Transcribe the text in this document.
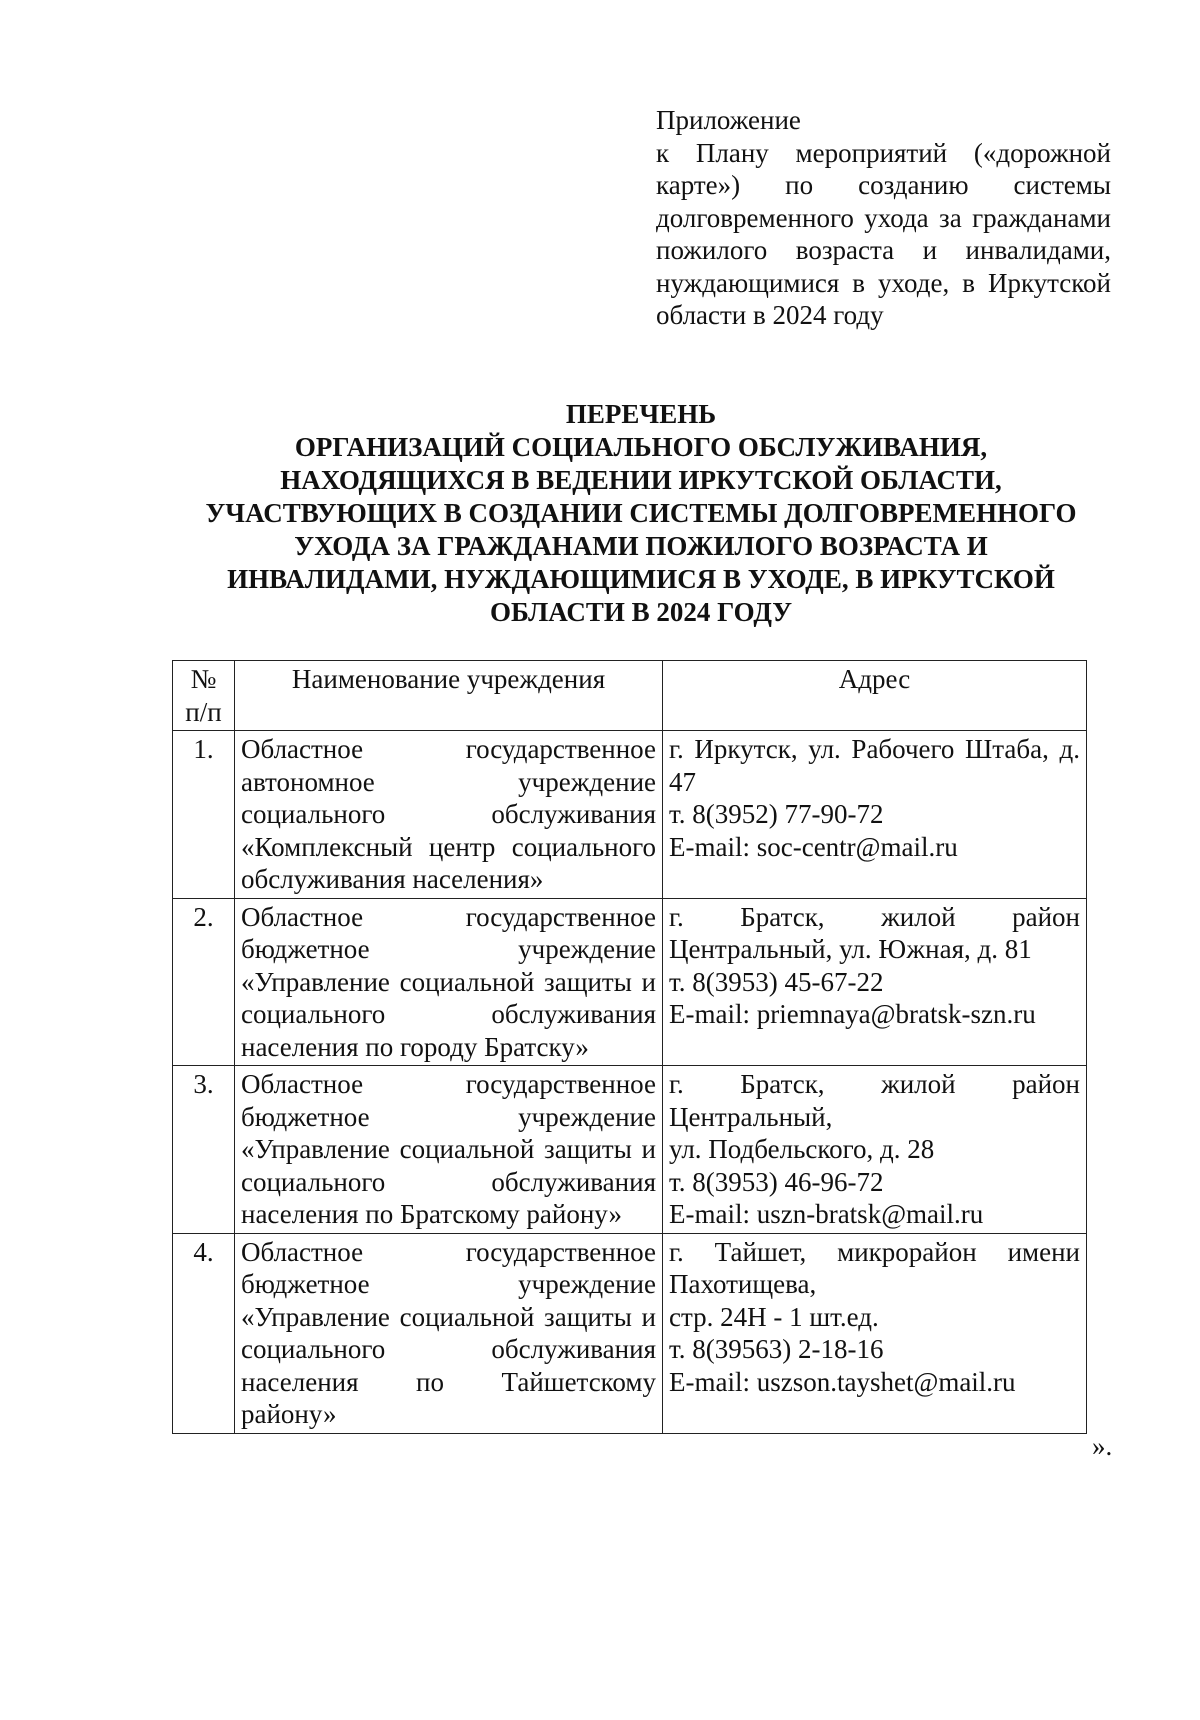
Приложение
к Плану мероприятий («дорожной карте») по созданию системы долговременного ухода за гражданами пожилого возраста и инвалидами, нуждающимися в уходе, в Иркутской области в 2024 году
ПЕРЕЧЕНЬ
ОРГАНИЗАЦИЙ СОЦИАЛЬНОГО ОБСЛУЖИВАНИЯ,
НАХОДЯЩИХСЯ В ВЕДЕНИИ ИРКУТСКОЙ ОБЛАСТИ,
УЧАСТВУЮЩИХ В СОЗДАНИИ СИСТЕМЫ ДОЛГОВРЕМЕННОГО
УХОДА ЗА ГРАЖДАНАМИ ПОЖИЛОГО ВОЗРАСТА И
ИНВАЛИДАМИ, НУЖДАЮЩИМИСЯ В УХОДЕ, В ИРКУТСКОЙ
ОБЛАСТИ В 2024 ГОДУ
№ п/п	Наименование учреждения	Адрес
1.	Областное государственное автономное учреждение социального обслуживания «Комплексный центр социального обслуживания населения»	г. Иркутск, ул. Рабочего Штаба, д. 47
т. 8(3952) 77-90-72
E-mail: soc-centr@mail.ru

2.	Областное государственное бюджетное учреждение «Управление социальной защиты и социального обслуживания населения по городу Братску»	г. Братск, жилой район Центральный, ул. Южная, д. 81
т. 8(3953) 45-67-22
E-mail: priemnaya@bratsk-szn.ru

3.	Областное государственное бюджетное учреждение «Управление социальной защиты и социального обслуживания населения по Братскому району»	г. Братск, жилой район Центральный,
ул. Подбельского, д. 28
т. 8(3953) 46-96-72
E-mail: uszn-bratsk@mail.ru

4.	Областное государственное бюджетное учреждение «Управление социальной защиты и социального обслуживания населения по Тайшетскому району»	г. Тайшет, микрорайон имени Пахотищева,
стр. 24Н - 1 шт.ед.
т. 8(39563) 2-18-16
E-mail: uszson.tayshet@mail.ru
».
